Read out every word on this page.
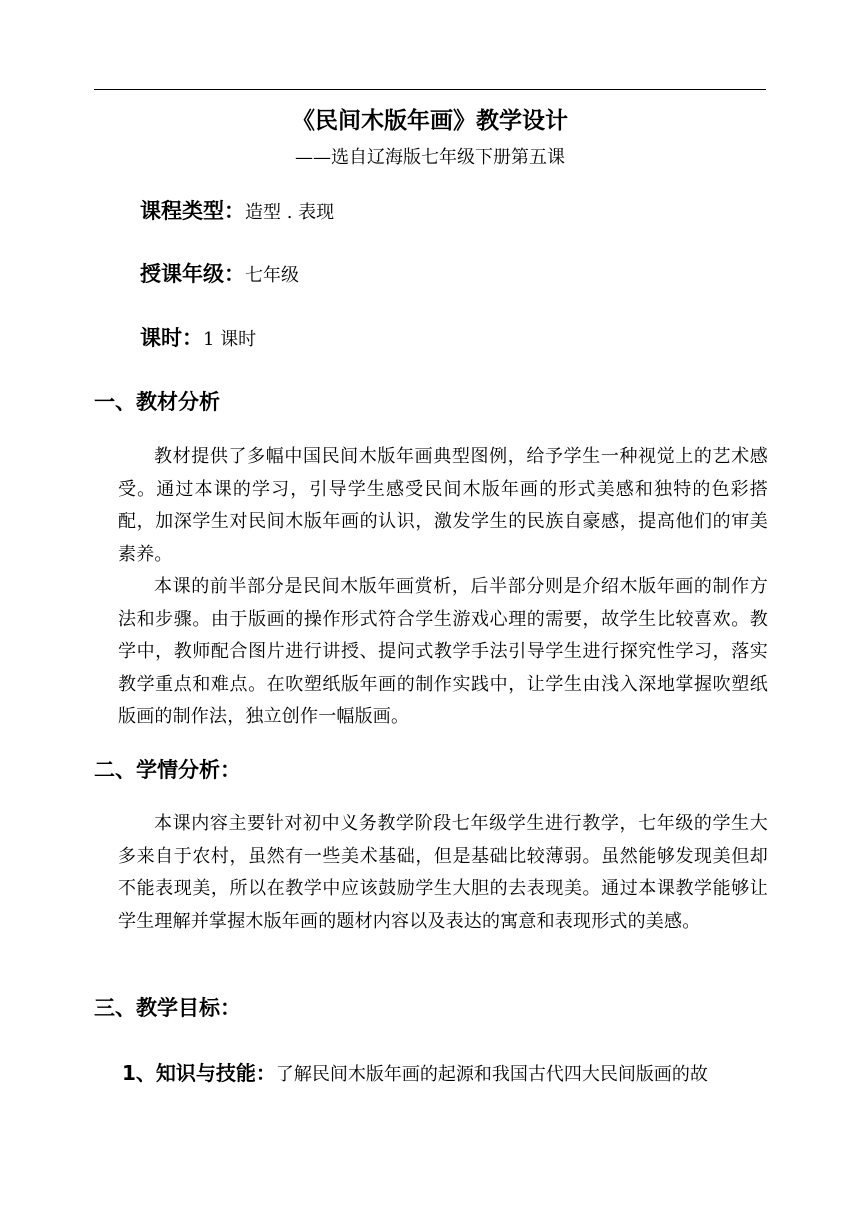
《民间木版年画》教学设计
——选自辽海版七年级下册第五课
课程类型：造型 . 表现
授课年级：七年级
课时：1 课时
一、教材分析
教材提供了多幅中国民间木版年画典型图例，给予学生一种视觉上的艺术感受。通过本课的学习，引导学生感受民间木版年画的形式美感和独特的色彩搭配，加深学生对民间木版年画的认识，激发学生的民族自豪感，提高他们的审美素养。
本课的前半部分是民间木版年画赏析，后半部分则是介绍木版年画的制作方法和步骤。由于版画的操作形式符合学生游戏心理的需要，故学生比较喜欢。教学中，教师配合图片进行讲授、提问式教学手法引导学生进行探究性学习，落实教学重点和难点。在吹塑纸版年画的制作实践中，让学生由浅入深地掌握吹塑纸版画的制作法，独立创作一幅版画。
二、学情分析：
本课内容主要针对初中义务教学阶段七年级学生进行教学，七年级的学生大多来自于农村，虽然有一些美术基础，但是基础比较薄弱。虽然能够发现美但却不能表现美，所以在教学中应该鼓励学生大胆的去表现美。通过本课教学能够让学生理解并掌握木版年画的题材内容以及表达的寓意和表现形式的美感。
三、教学目标：
1、知识与技能：了解民间木版年画的起源和我国古代四大民间版画的故
